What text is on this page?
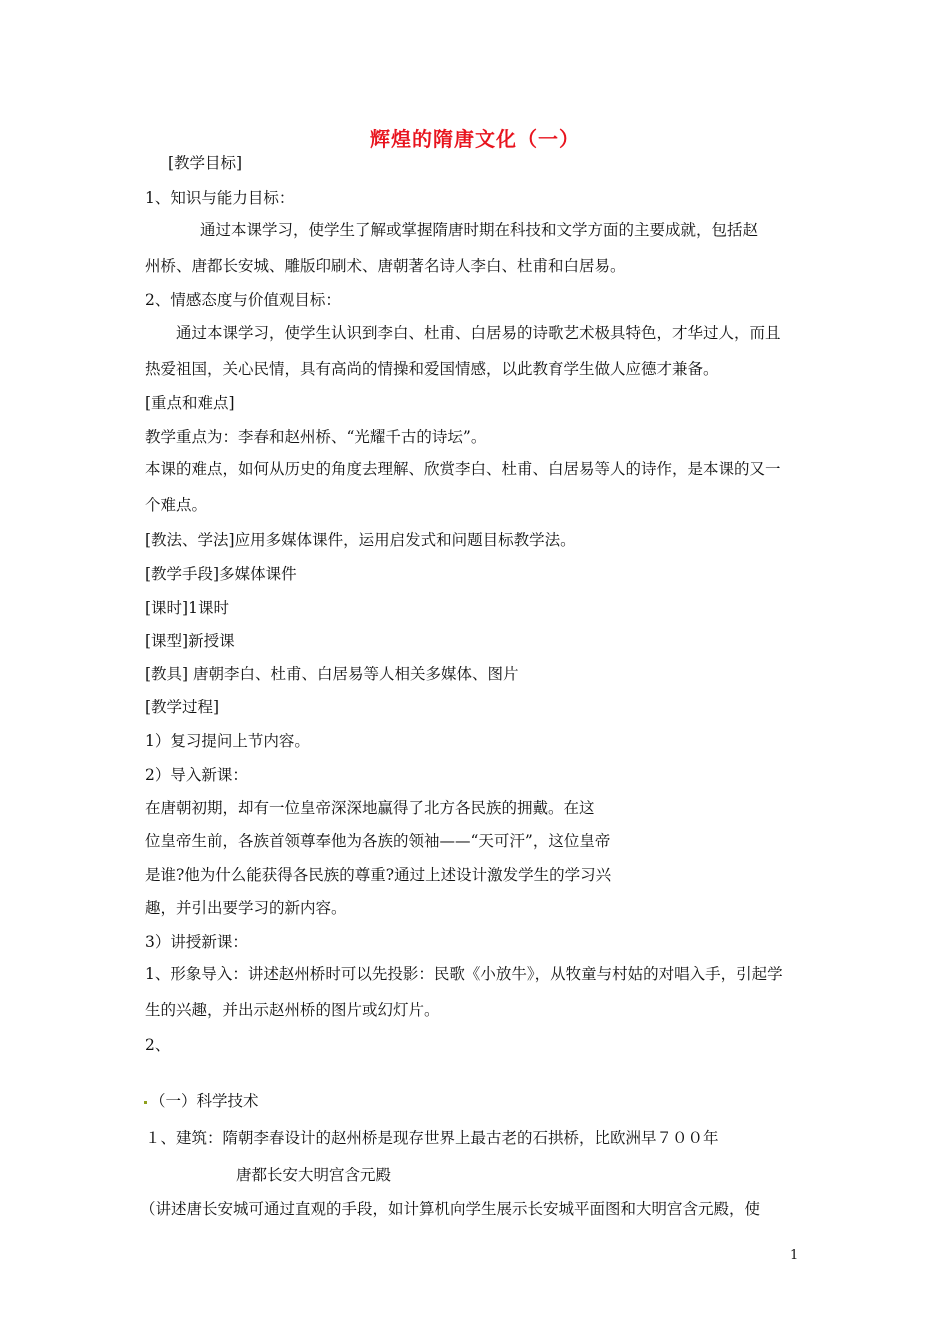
辉煌的隋唐文化（一）
[教学目标]
1、知识与能力目标：
通过本课学习，使学生了解或掌握隋唐时期在科技和文学方面的主要成就，包括赵
州桥、唐都长安城、雕版印刷术、唐朝著名诗人李白、杜甫和白居易。
2、情感态度与价值观目标：
通过本课学习，使学生认识到李白、杜甫、白居易的诗歌艺术极具特色，才华过人，而且
热爱祖国，关心民情，具有高尚的情操和爱国情感，以此教育学生做人应德才兼备。
[重点和难点]
教学重点为：李春和赵州桥、“光耀千古的诗坛”。
本课的难点，如何从历史的角度去理解、欣赏李白、杜甫、白居易等人的诗作，是本课的又一
个难点。
[教法、学法]应用多媒体课件，运用启发式和问题目标教学法。
[教学手段]多媒体课件
[课时]1课时
[课型]新授课
[教具] 唐朝李白、杜甫、白居易等人相关多媒体、图片
[教学过程]
1）复习提问上节内容。
2）导入新课：
在唐朝初期，却有一位皇帝深深地赢得了北方各民族的拥戴。在这
位皇帝生前，各族首领尊奉他为各族的领袖——“天可汗”，这位皇帝
是谁?他为什么能获得各民族的尊重?通过上述设计激发学生的学习兴
趣，并引出要学习的新内容。
3）讲授新课：
1、形象导入：讲述赵州桥时可以先投影：民歌《小放牛》，从牧童与村姑的对唱入手，引起学
生的兴趣，并出示赵州桥的图片或幻灯片。
2、
（一）科学技术
１、建筑：隋朝李春设计的赵州桥是现存世界上最古老的石拱桥，比欧洲早７００年
唐都长安大明宫含元殿
（讲述唐长安城可通过直观的手段，如计算机向学生展示长安城平面图和大明宫含元殿，使
1
